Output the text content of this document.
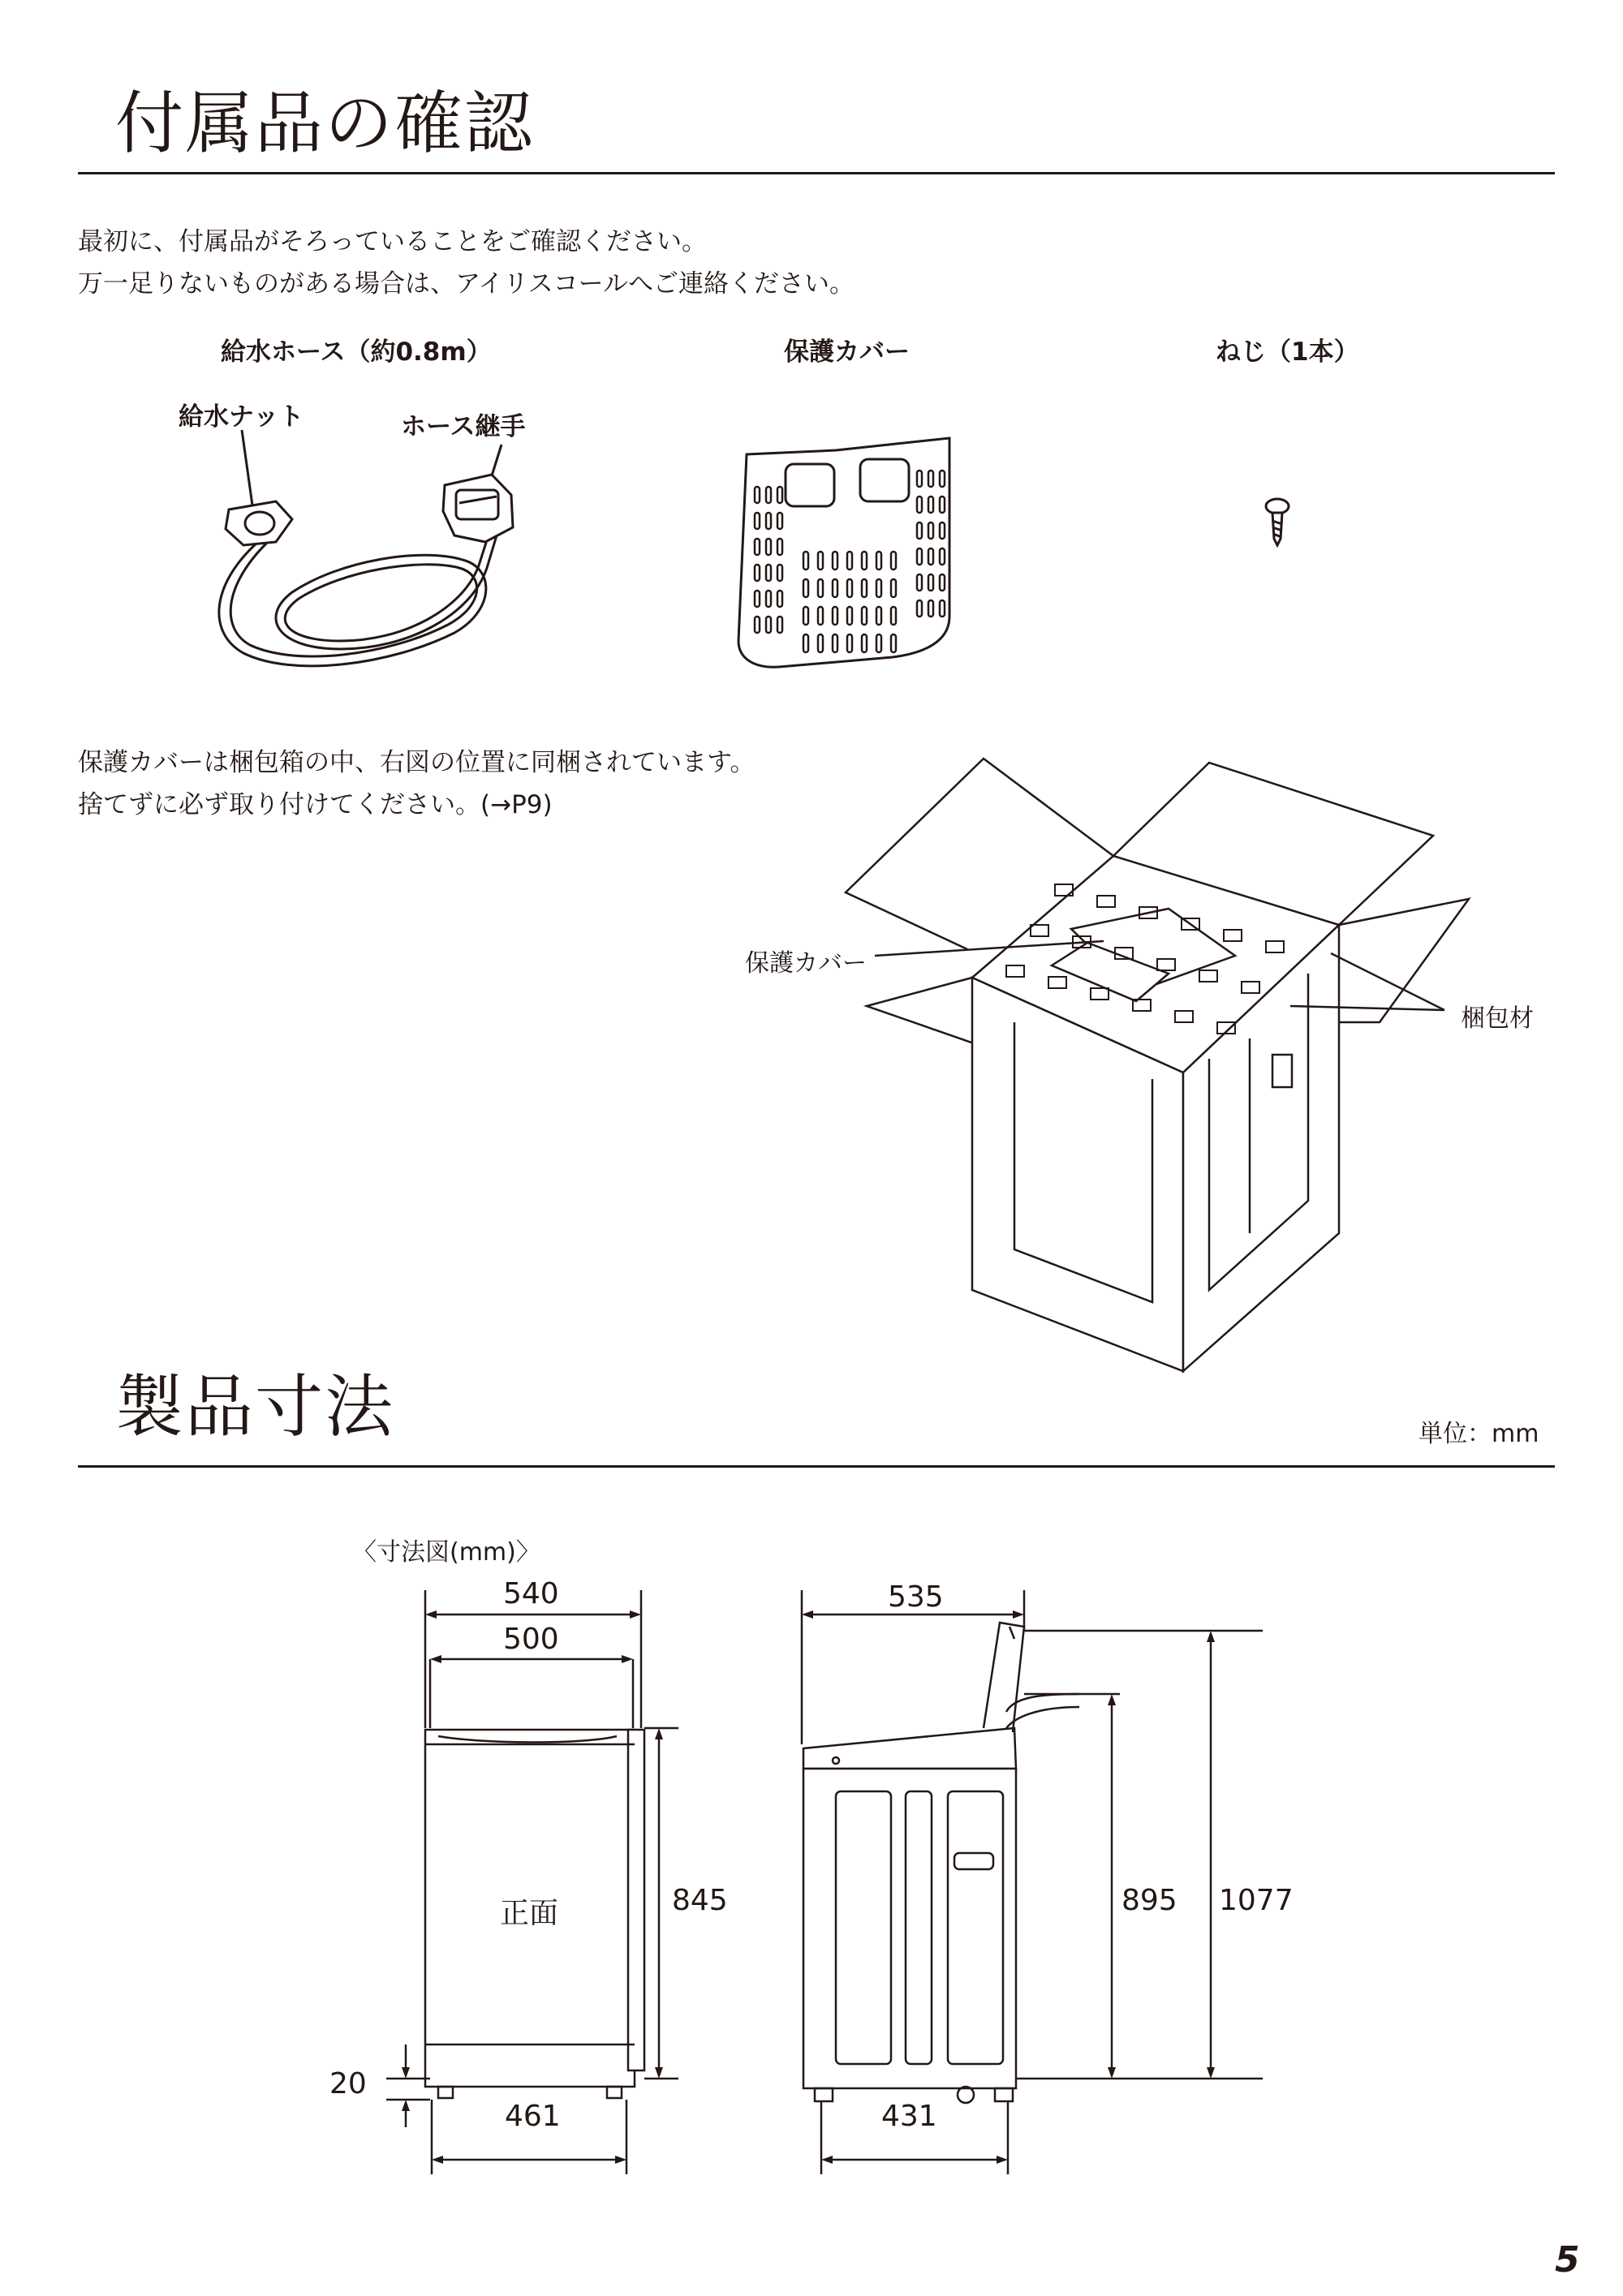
付属品の確認
最初に、付属品がそろっていることをご確認ください。
万一足りないものがある場合は、アイリスコールへご連絡ください。
給水ホース（約0.8m）	保護カバー	ねじ（1本）
給水ナット	ホース継手
保護カバーは梱包箱の中、右図の位置に同梱されています。
捨てずに必ず取り付けてください。(→P9)
保護カバー
梱包材
製品寸法	単位：mm
〈寸法図(mm)〉
540
500
845
正面
20
461
535
895 1077
431
5
